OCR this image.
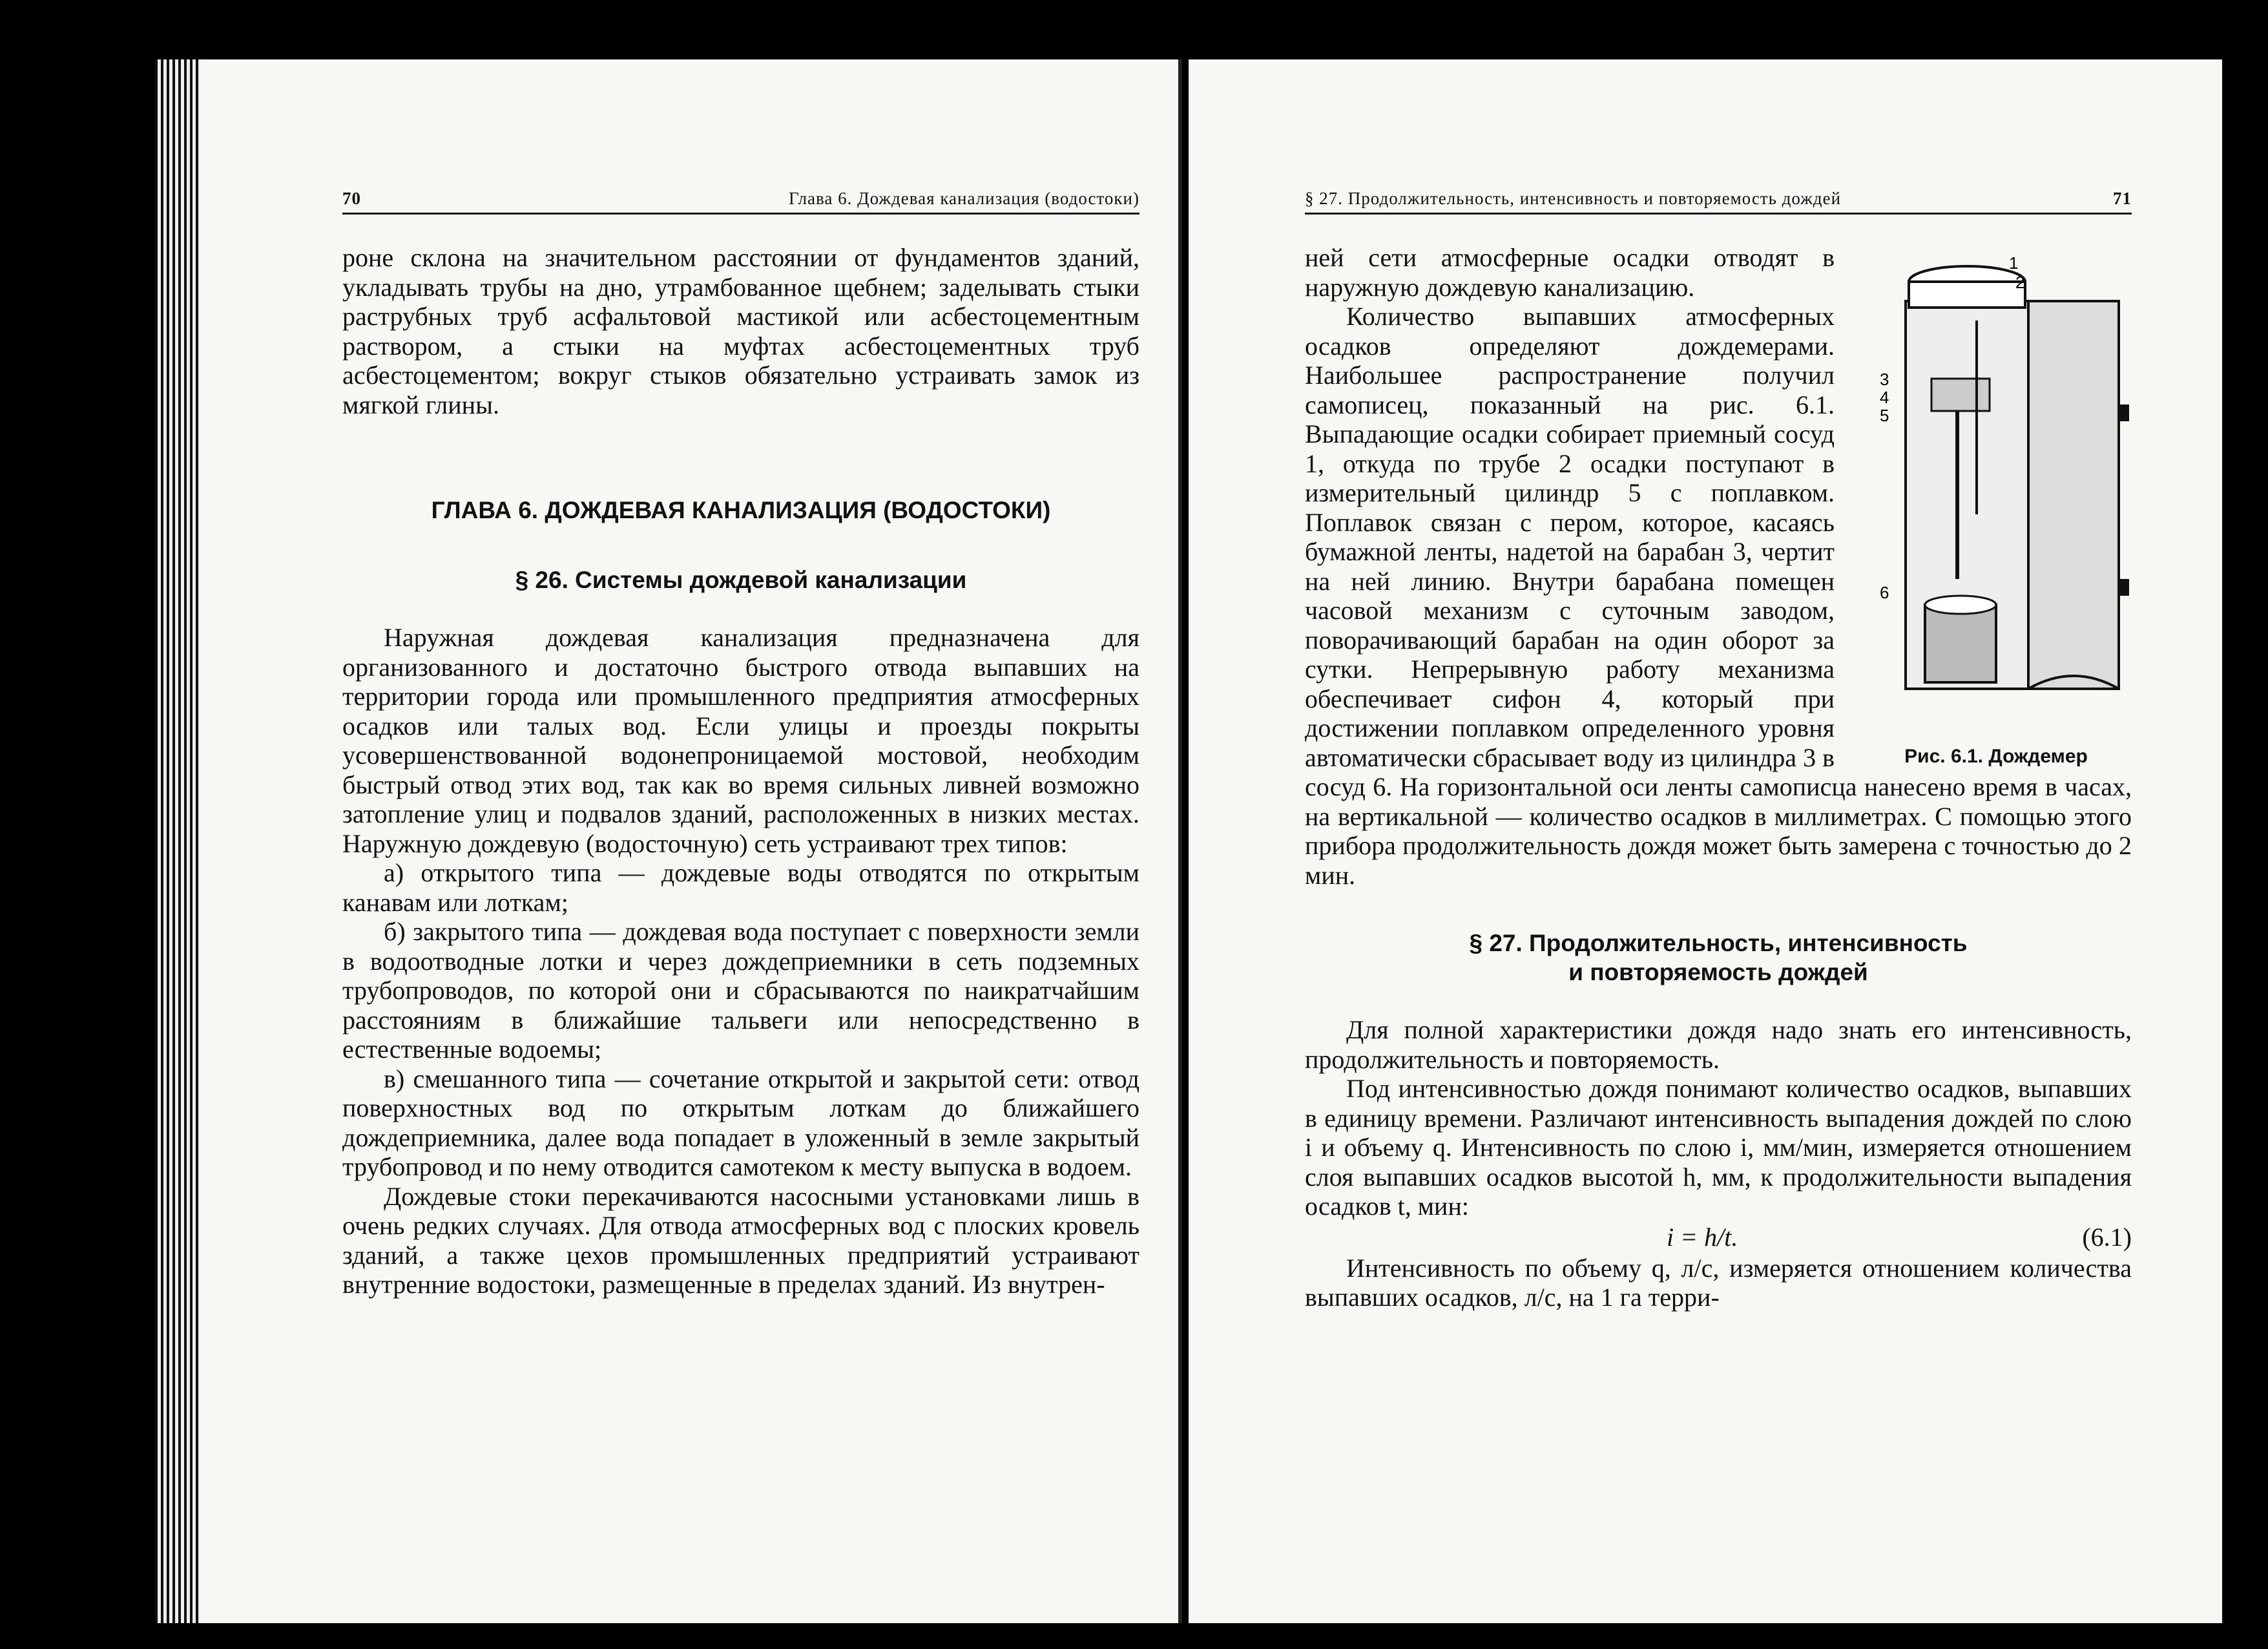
70	Глава 6. Дождевая канализация (водостоки)

роне склона на значительном расстоянии от фундаментов зданий, укладывать трубы на дно, утрамбованное щебнем; заделывать стыки раструбных труб асфальтовой мастикой или асбестоцементным раствором, а стыки на муфтах асбестоцементных труб асбестоцементом; вокруг стыков обязательно устраивать замок из мягкой глины.

ГЛАВА 6. ДОЖДЕВАЯ КАНАЛИЗАЦИЯ (ВОДОСТОКИ)
§ 26. Системы дождевой канализации

Наружная дождевая канализация предназначена для организованного и достаточно быстрого отвода выпавших на территории города или промышленного предприятия атмосферных осадков или талых вод. Если улицы и проезды покрыты усовершенствованной водонепроницаемой мостовой, необходим быстрый отвод этих вод, так как во время сильных ливней возможно затопление улиц и подвалов зданий, расположенных в низких местах. Наружную дождевую (водосточную) сеть устраивают трех типов:

а) открытого типа — дождевые воды отводятся по открытым канавам или лоткам;

б) закрытого типа — дождевая вода поступает с поверхности земли в водоотводные лотки и через дождеприемники в сеть подземных трубопроводов, по которой они и сбрасываются по наикратчайшим расстояниям в ближайшие тальвеги или непосредственно в естественные водоемы;

в) смешанного типа — сочетание открытой и закрытой сети: отвод поверхностных вод по открытым лоткам до ближайшего дождеприемника, далее вода попадает в уложенный в земле закрытый трубопровод и по нему отводится самотеком к месту выпуска в водоем.

Дождевые стоки перекачиваются насосными установками лишь в очень редких случаях. Для отвода атмосферных вод с плоских кровель зданий, а также цехов промышленных предприятий устраивают внутренние водостоки, размещенные в пределах зданий. Из внутрен-

§ 27. Продолжительность, интенсивность и повторяемость дождей	71
1
2
3
4
5
6
Рис. 6.1. Дождемер

ней сети атмосферные осадки отводят в наружную дождевую канализацию.

Количество выпавших атмосферных осадков определяют дождемерами. Наибольшее распространение получил самописец, показанный на рис. 6.1. Выпадающие осадки собирает приемный сосуд 1, откуда по трубе 2 осадки поступают в измерительный цилиндр 5 с поплавком. Поплавок связан с пером, которое, касаясь бумажной ленты, надетой на барабан 3, чертит на ней линию. Внутри барабана помещен часовой механизм с суточным заводом, поворачивающий барабан на один оборот за сутки. Непрерывную работу механизма обеспечивает сифон 4, который при достижении поплавком определенного уровня автоматически сбрасывает воду из цилиндра 3 в сосуд 6. На горизонтальной оси ленты самописца нанесено время в часах, на вертикальной — количество осадков в миллиметрах. С помощью этого прибора продолжительность дождя может быть замерена с точностью до 2 мин.

§ 27. Продолжительность, интенсивность
и повторяемость дождей

Для полной характеристики дождя надо знать его интенсивность, продолжительность и повторяемость.

Под интенсивностью дождя понимают количество осадков, выпавших в единицу времени. Различают интенсивность выпадения дождей по слою i и объему q. Интенсивность по слою i, мм/мин, измеряется отношением слоя выпавших осадков высотой h, мм, к продолжительности выпадения осадков t, мин:

i = h/t.	(6.1)

Интенсивность по объему q, л/с, измеряется отношением количества выпавших осадков, л/с, на 1 га терри-
